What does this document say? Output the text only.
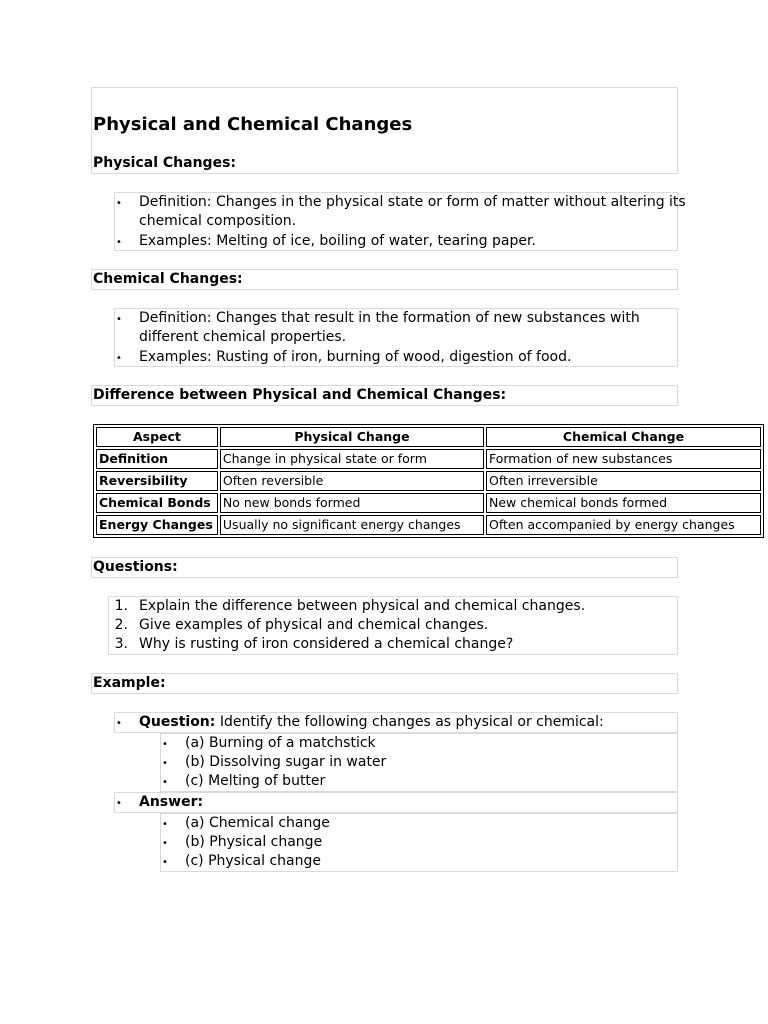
Physical and Chemical Changes
Physical Changes:
• Definition: Changes in the physical state or form of matter without altering its
chemical composition.
• Examples: Melting of ice, boiling of water, tearing paper.
Chemical Changes:
• Definition: Changes that result in the formation of new substances with
different chemical properties.
• Examples: Rusting of iron, burning of wood, digestion of food.
Difference between Physical and Chemical Changes:
Aspect	Physical Change	Chemical Change
Definition	Change in physical state or form	Formation of new substances
Reversibility	Often reversible	Often irreversible
Chemical Bonds	No new bonds formed	New chemical bonds formed
Energy Changes	Usually no significant energy changes	Often accompanied by energy changes
Questions:
1. Explain the difference between physical and chemical changes.
2. Give examples of physical and chemical changes.
3. Why is rusting of iron considered a chemical change?
Example:
• Question: Identify the following changes as physical or chemical:
• (a) Burning of a matchstick
• (b) Dissolving sugar in water
• (c) Melting of butter
• Answer:
• (a) Chemical change
• (b) Physical change
• (c) Physical change
